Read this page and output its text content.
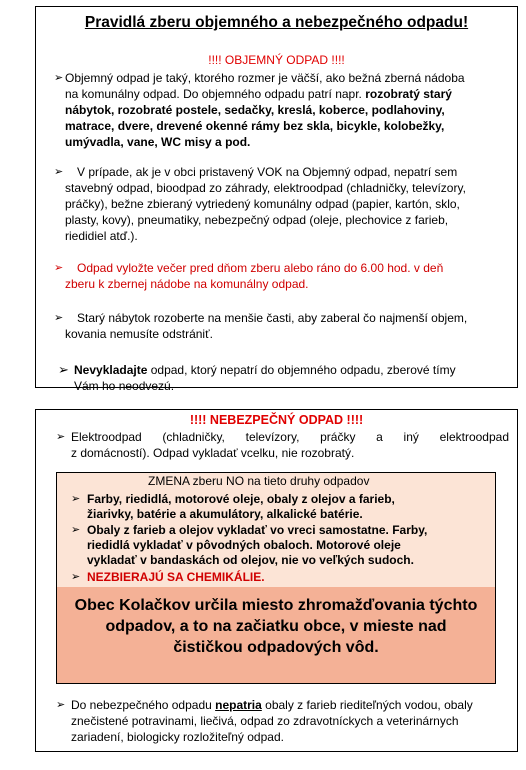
Pravidlá zberu objemného a nebezpečného odpadu!
!!!! OBJEMNÝ ODPAD !!!!
➢ Objemný odpad je taký, ktorého rozmer je väčší, ako bežná zberná nádoba
na komunálny odpad. Do objemného odpadu patrí napr. rozobratý starý
nábytok, rozobraté postele, sedačky, kreslá, koberce, podlahoviny,
matrace, dvere, drevené okenné rámy bez skla, bicykle, kolobežky,
umývadla, vane, WC misy a pod.
➢	V prípade, ak je v obci pristavený VOK na Objemný odpad, nepatrí sem
stavebný odpad, bioodpad zo záhrady, elektroodpad (chladničky, televízory,
práčky), bežne zbieraný vytriedený komunálny odpad (papier, kartón, sklo,
plasty, kovy), pneumatiky, nebezpečný odpad (oleje, plechovice z farieb,
riedidiel atď.).
➢	Odpad vyložte večer pred dňom zberu alebo ráno do 6.00 hod. v deň
zberu k zbernej nádobe na komunálny odpad.
➢	Starý nábytok rozoberte na menšie časti, aby zaberal čo najmenší objem,
kovania nemusíte odstrániť.
➢ Nevykladajte odpad, ktorý nepatrí do objemného odpadu, zberové tímy
Vám ho neodvezú.
!!!! NEBEZPEČNÝ ODPAD !!!!
➢ Elektroodpad (chladničky, televízory, práčky a iný elektroodpad
z domácností). Odpad vykladať vcelku, nie rozobratý.
➢ Do nebezpečného odpadu nepatria obaly z farieb riediteľných vodou, obaly
znečistené potravinami, liečivá, odpad zo zdravotníckych a veterinárnych
zariadení, biologicky rozložiteľný odpad.
ZMENA zberu NO na tieto druhy odpadov
➢ Farby, riedidlá, motorové oleje, obaly z olejov a farieb,
žiarivky, batérie a akumulátory, alkalické batérie.
➢ Obaly z farieb a olejov vykladať vo vreci samostatne. Farby,
riedidlá vykladať v pôvodných obaloch. Motorové oleje
vykladať v bandaskách od olejov, nie vo veľkých sudoch.
➢ NEZBIERAJÚ SA CHEMIKÁLIE.
Obec Kolačkov určila miesto zhromažďovania týchto
odpadov, a to na začiatku obce, v mieste nad
čističkou odpadových vôd.
